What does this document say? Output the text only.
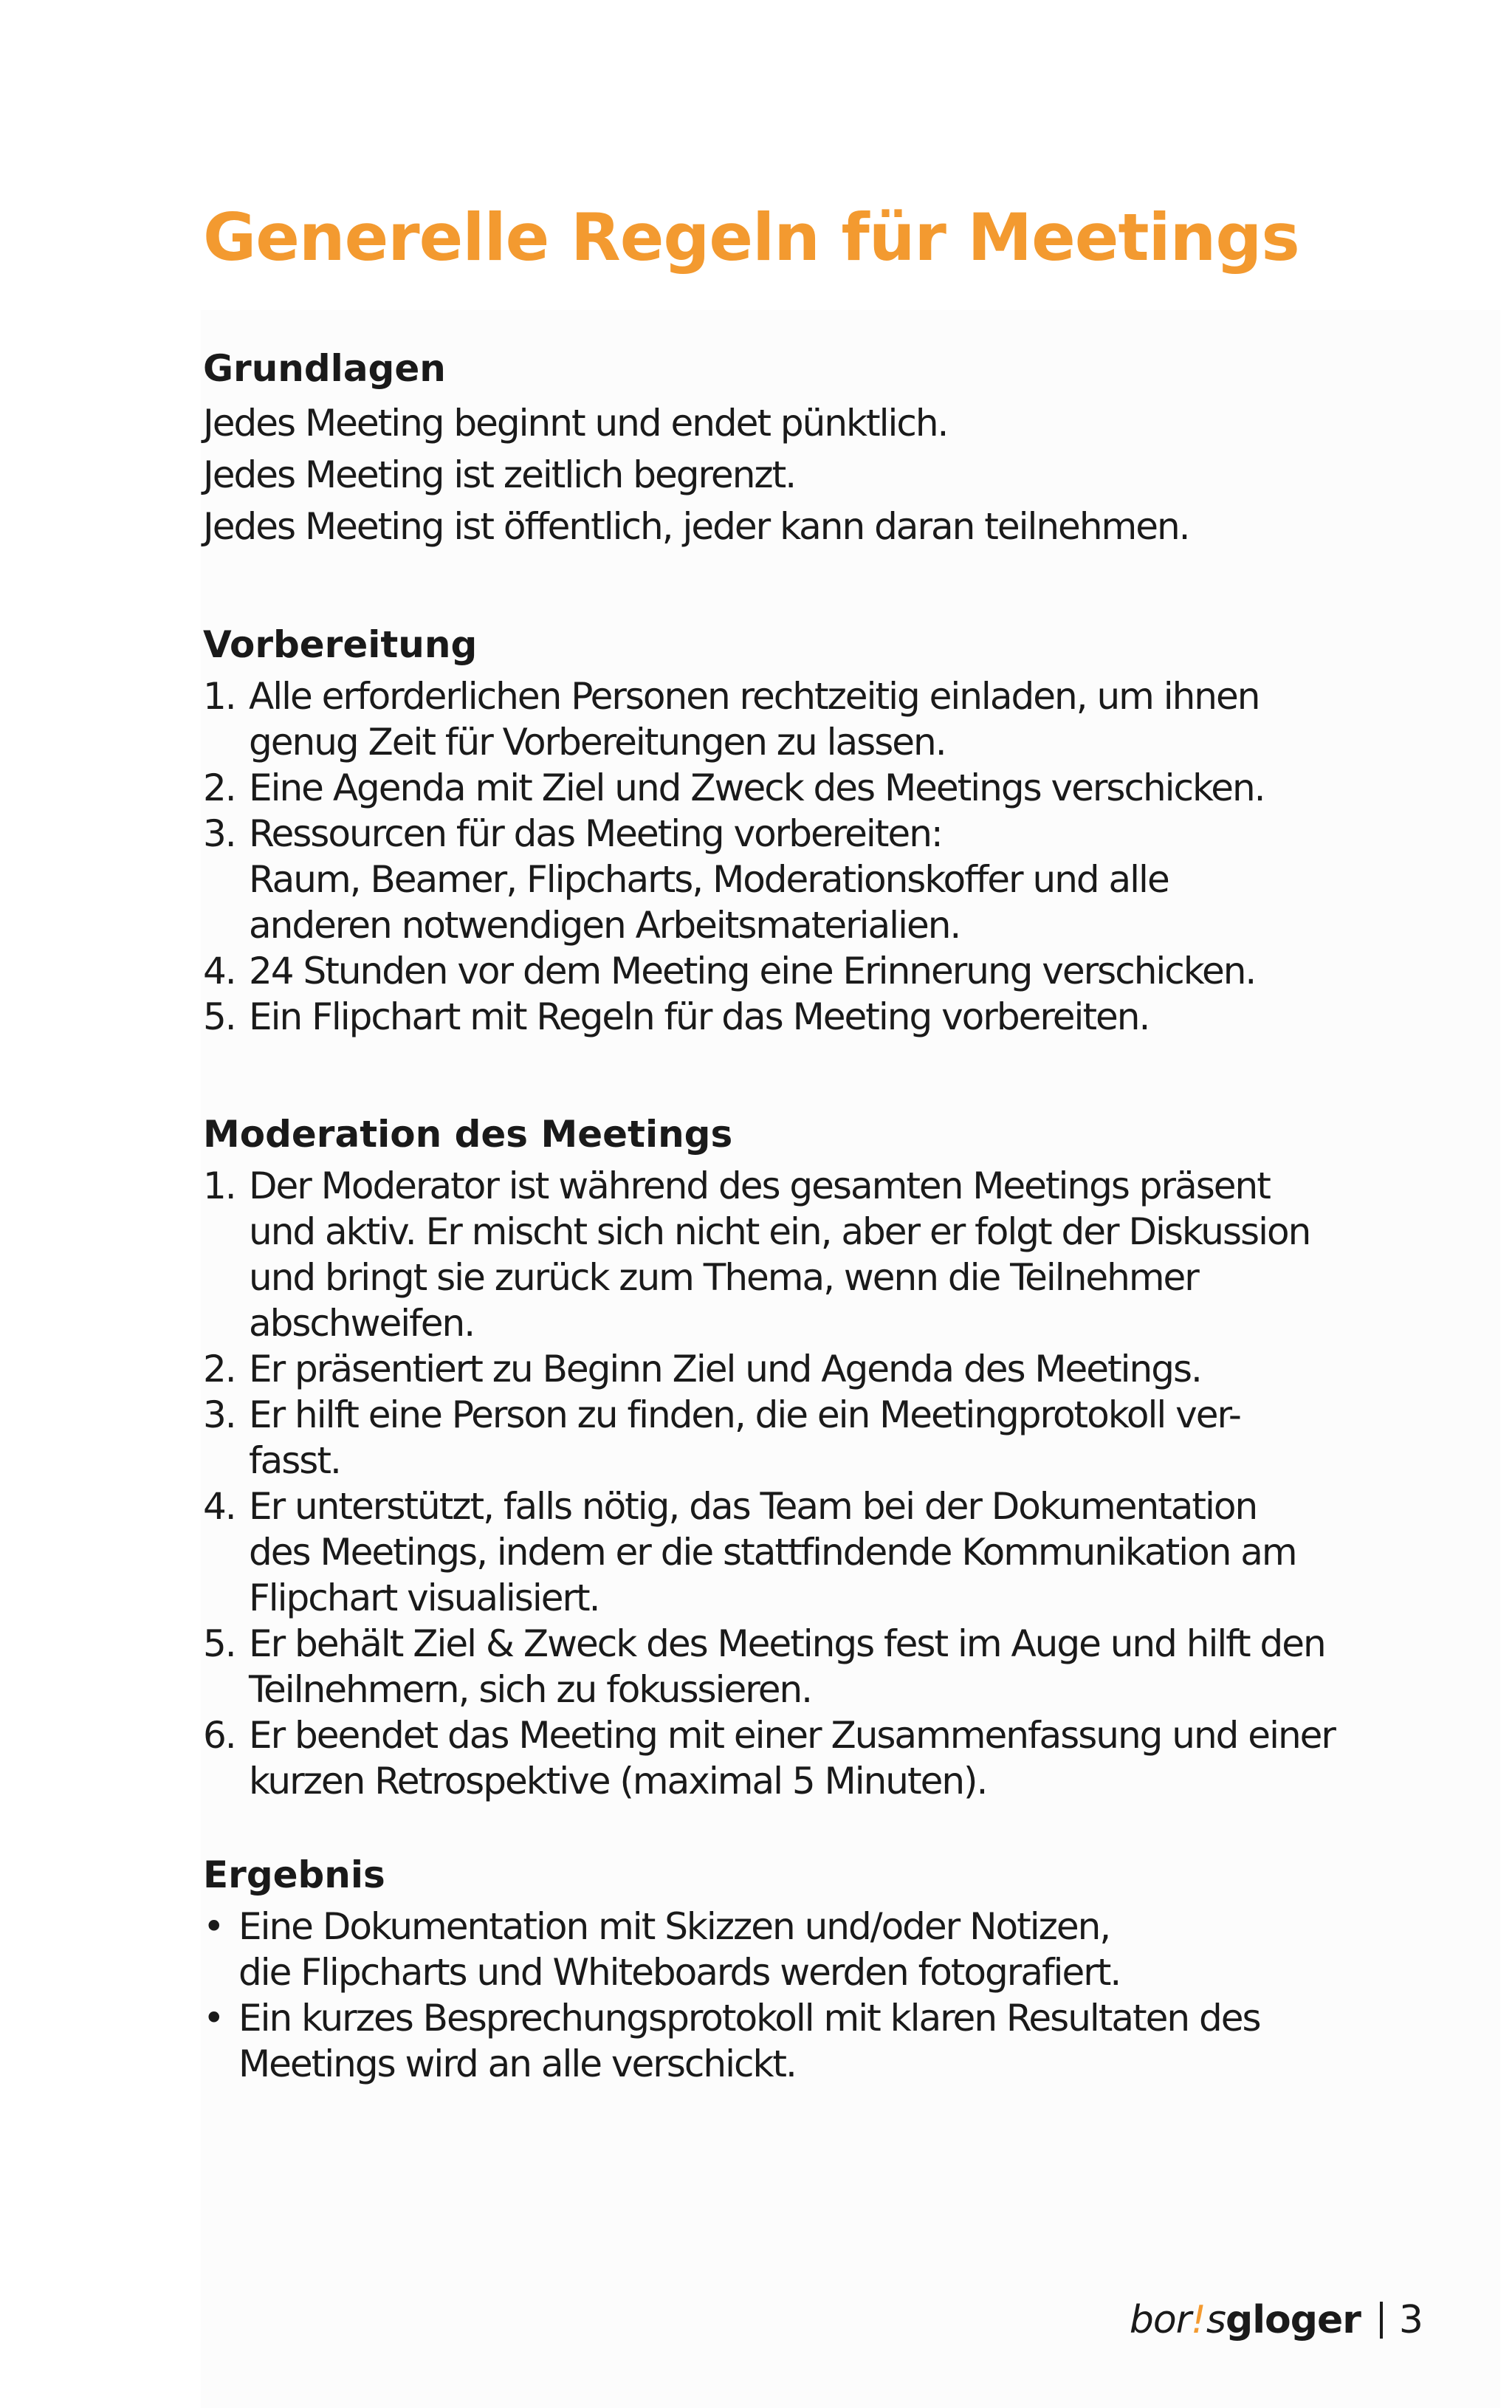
Generelle Regeln für Meetings
Grundlagen
Jedes Meeting beginnt und endet pünktlich.
Jedes Meeting ist zeitlich begrenzt.
Jedes Meeting ist öffentlich, jeder kann daran teilnehmen.
Vorbereitung
1. Alle erforderlichen Personen rechtzeitig einladen, um ihnen
genug Zeit für Vorbereitungen zu lassen.
2. Eine Agenda mit Ziel und Zweck des Meetings verschicken.
3. Ressourcen für das Meeting vorbereiten:
Raum, Beamer, Flipcharts, Moderationskoffer und alle
anderen notwendigen Arbeitsmaterialien.
4. 24 Stunden vor dem Meeting eine Erinnerung verschicken.
5. Ein Flipchart mit Regeln für das Meeting vorbereiten.
Moderation des Meetings
1. Der Moderator ist während des gesamten Meetings präsent
und aktiv. Er mischt sich nicht ein, aber er folgt der Diskussion
und bringt sie zurück zum Thema, wenn die Teilnehmer
abschweifen.
2. Er präsentiert zu Beginn Ziel und Agenda des Meetings.
3. Er hilft eine Person zu finden, die ein Meetingprotokoll ver-
fasst.
4. Er unterstützt, falls nötig, das Team bei der Dokumentation
des Meetings, indem er die stattfindende Kommunikation am
Flipchart visualisiert.
5. Er behält Ziel & Zweck des Meetings fest im Auge und hilft den
Teilnehmern, sich zu fokussieren.
6. Er beendet das Meeting mit einer Zusammenfassung und einer
kurzen Retrospektive (maximal 5 Minuten).
Ergebnis
• Eine Dokumentation mit Skizzen und/oder Notizen,
die Flipcharts und Whiteboards werden fotografiert.
• Ein kurzes Besprechungsprotokoll mit klaren Resultaten des
Meetings wird an alle verschickt.
bor!sgloger 3
